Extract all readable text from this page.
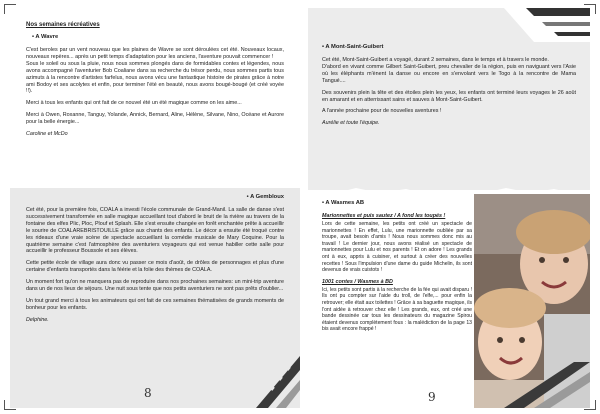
Nos semaines récréatives

• A Wavre

C'est beroles par un vent nouveau que les plaines de Wavre se sont déroulées cet été. Nouveaux locaux, nouveaux repères... après un petit temps d'adaptation pour les anciens, l'aventure pouvait commencer !

Sous le soleil ou sous la pluie, nous nous sommes plongés dans de formidables contes et légendes, nous avons accompagné l'aventurier Bob Coaliane dans sa recherche du trésor perdu, nous sommes partis tous azimuts à la rencontre d'artistes farfelus, nous avons vécu une fantastique histoire de pirates grâce à notre ami Bodoy et ses acolytes et enfin, pour terminer l'été en beauté, nous avons bougé-bougé (et créé voyée !!).

Merci à tous les enfants qui ont fait de ce nouvel été un été magique comme on les aime...

Merci à Owen, Roxanne, Tanguy, Yolande, Annick, Bernard, Aline, Hélène, Silvane, Nino, Océane et Aurore pour la belle énergie...

Caroline et McDo

• A Gembloux

Cet été, pour la première fois, COALA a investi l'école communale de Grand-Manil. La salle de danse s'est successivement transformée en salle magique accueillant tout d'abord le bruit de la rivière au travers de la fontaine des elfes Plic, Ploc, Plouf et Splash. Elle s'est ensuite changée en forêt enchantée prête à accueillir le sourire de COALAREBRISTOUILLE grâce aux chants des enfants. Le décor a ensuite été troqué contre les rideaux d'une vraie scène de spectacle accueillant la comédie musicale de Mary Coquine. Pour la quatrième semaine c'est l'atmosphère des aventuriers voyageurs qui est venue habiller cette salle pour accueillir le professeur Boussole et ses élèves.

Cette petite école de village aura donc vu passer ce mois d'août, de drôles de personnages et plus d'une certaine d'enfants transportés dans la féérie et la folie des thèmes de COALA.

Un moment fort qu'on ne manquera pas de reproduire dans nos prochaines semaines: un mini-trip aventure dans un de nos lieux de séjours. Une nuit sous tente que nos petits aventuriers ne sont pas prêts d'oublier...

Un tout grand merci à tous les animateurs qui ont fait de ces semaines thématisées de grands moments de bonheur pour les enfants.

Delphine.

8

• A Mont-Saint-Guibert

Cet été, Mont-Saint-Guibert a voyagé, durant 2 semaines, dans le temps et à travers le monde.

D'abord en vivant comme Gilbert Saint-Guibert, preu chevalier de la région, puis en naviguant vers l'Asie où les éléphants m'ènent la danse ou encore en s'envolant vers le Togo à la rencontre de Mama Tangué....

Des souvenirs plein la tête et des étoiles plein les yeux, les enfants ont terminé leurs voyages le 26 août en amarant et en atterrissant sains et sauves à Mont-Saint-Guibert.

A l'année prochaine pour de nouvelles aventures !

Aurélie et toute l'équipe.

• A Wasmes AB

Marionnettes et puis sautez / A fond les toupés !

Lors de cette semaine, les petits ont créé un spectacle de marionnettes ! En effet, Lulu, une marionnette oubliée par sa troupe, avait besoin d'amis ! Nous nous sommes donc mis au travail ! Le dernier jour, nous avons réalisé un spectacle de marionnettes pour Lulu et nos parents ! Et on adore ! Les grands ont à eux, appris à cuisiner, et surtout à créer des nouvelles recettes ! Sous l'impulsion d'une dame du guide Michelin, ils sont devenus de vrais cuistots !

1001 contes / Wasmes à BD

Ici, les petits sont partis à la recherche de la fée qui avait disparu ! Ils ont pu compter sur l'aide du troll, de l'elfe,... pour enfin la retrouver; elle était aux toilettes ! Grâce à sa baguette magique, ils l'ont aidée à retrouver chez elle ! Les grands, eux, ont créé une bande dessinée car tous les dessinateurs du magazine Spirou étaient devenus complètement fous : la malédiction de la page 13 bis avait encore frappé !

9
